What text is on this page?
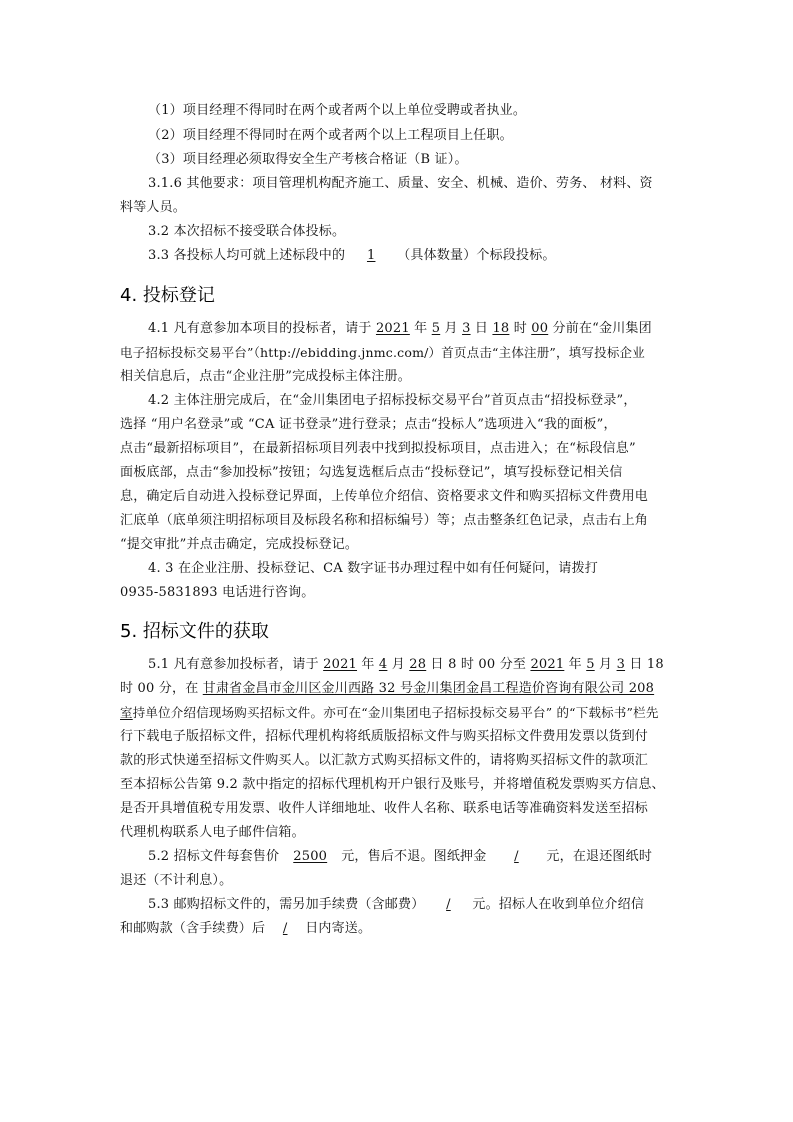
（1）项目经理不得同时在两个或者两个以上单位受聘或者执业。
（2）项目经理不得同时在两个或者两个以上工程项目上任职。
（3）项目经理必须取得安全生产考核合格证（B 证）。
3.1.6 其他要求：项目管理机构配齐施工、质量、安全、机械、造价、劳务、 材料、资
料等人员。
3.2 本次招标不接受联合体投标。
3.3 各投标人均可就上述标段中的 1 （具体数量）个标段投标。
4. 投标登记
4.1 凡有意参加本项目的投标者，请于 2021 年 5 月 3 日 18 时 00 分前在“金川集团
电子招标投标交易平台”（http://ebidding.jnmc.com/）首页点击“主体注册”，填写投标企业
相关信息后，点击“企业注册”完成投标主体注册。
4.2 主体注册完成后，在“金川集团电子招标投标交易平台”首页点击“招投标登录”，
选择 “用户名登录”或 “CA 证书登录”进行登录；点击“投标人”选项进入“我的面板”，
点击“最新招标项目”，在最新招标项目列表中找到拟投标项目，点击进入；在“标段信息”
面板底部，点击“参加投标”按钮；勾选复选框后点击“投标登记”，填写投标登记相关信
息，确定后自动进入投标登记界面，上传单位介绍信、资格要求文件和购买招标文件费用电
汇底单（底单须注明招标项目及标段名称和招标编号）等；点击整条红色记录，点击右上角
“提交审批”并点击确定，完成投标登记。
4. 3 在企业注册、投标登记、CA 数字证书办理过程中如有任何疑问，请拨打
0935-5831893 电话进行咨询。
5. 招标文件的获取
5.1 凡有意参加投标者，请于 2021 年 4 月 28 日 8 时 00 分至 2021 年 5 月 3 日 18
时 00 分，在 甘肃省金昌市金川区金川西路 32 号金川集团金昌工程造价咨询有限公司 208
室持单位介绍信现场购买招标文件。亦可在“金川集团电子招标投标交易平台” 的“下载标书”栏先
行下载电子版招标文件，招标代理机构将纸质版招标文件与购买招标文件费用发票以货到付
款的形式快递至招标文件购买人。以汇款方式购买招标文件的，请将购买招标文件的款项汇
至本招标公告第 9.2 款中指定的招标代理机构开户银行及账号，并将增值税发票购买方信息、
是否开具增值税专用发票、收件人详细地址、收件人名称、联系电话等准确资料发送至招标
代理机构联系人电子邮件信箱。
5.2 招标文件每套售价 2500 元，售后不退。图纸押金 / 元，在退还图纸时
退还（不计利息）。
5.3 邮购招标文件的，需另加手续费（含邮费） / 元。招标人在收到单位介绍信
和邮购款（含手续费）后 / 日内寄送。
